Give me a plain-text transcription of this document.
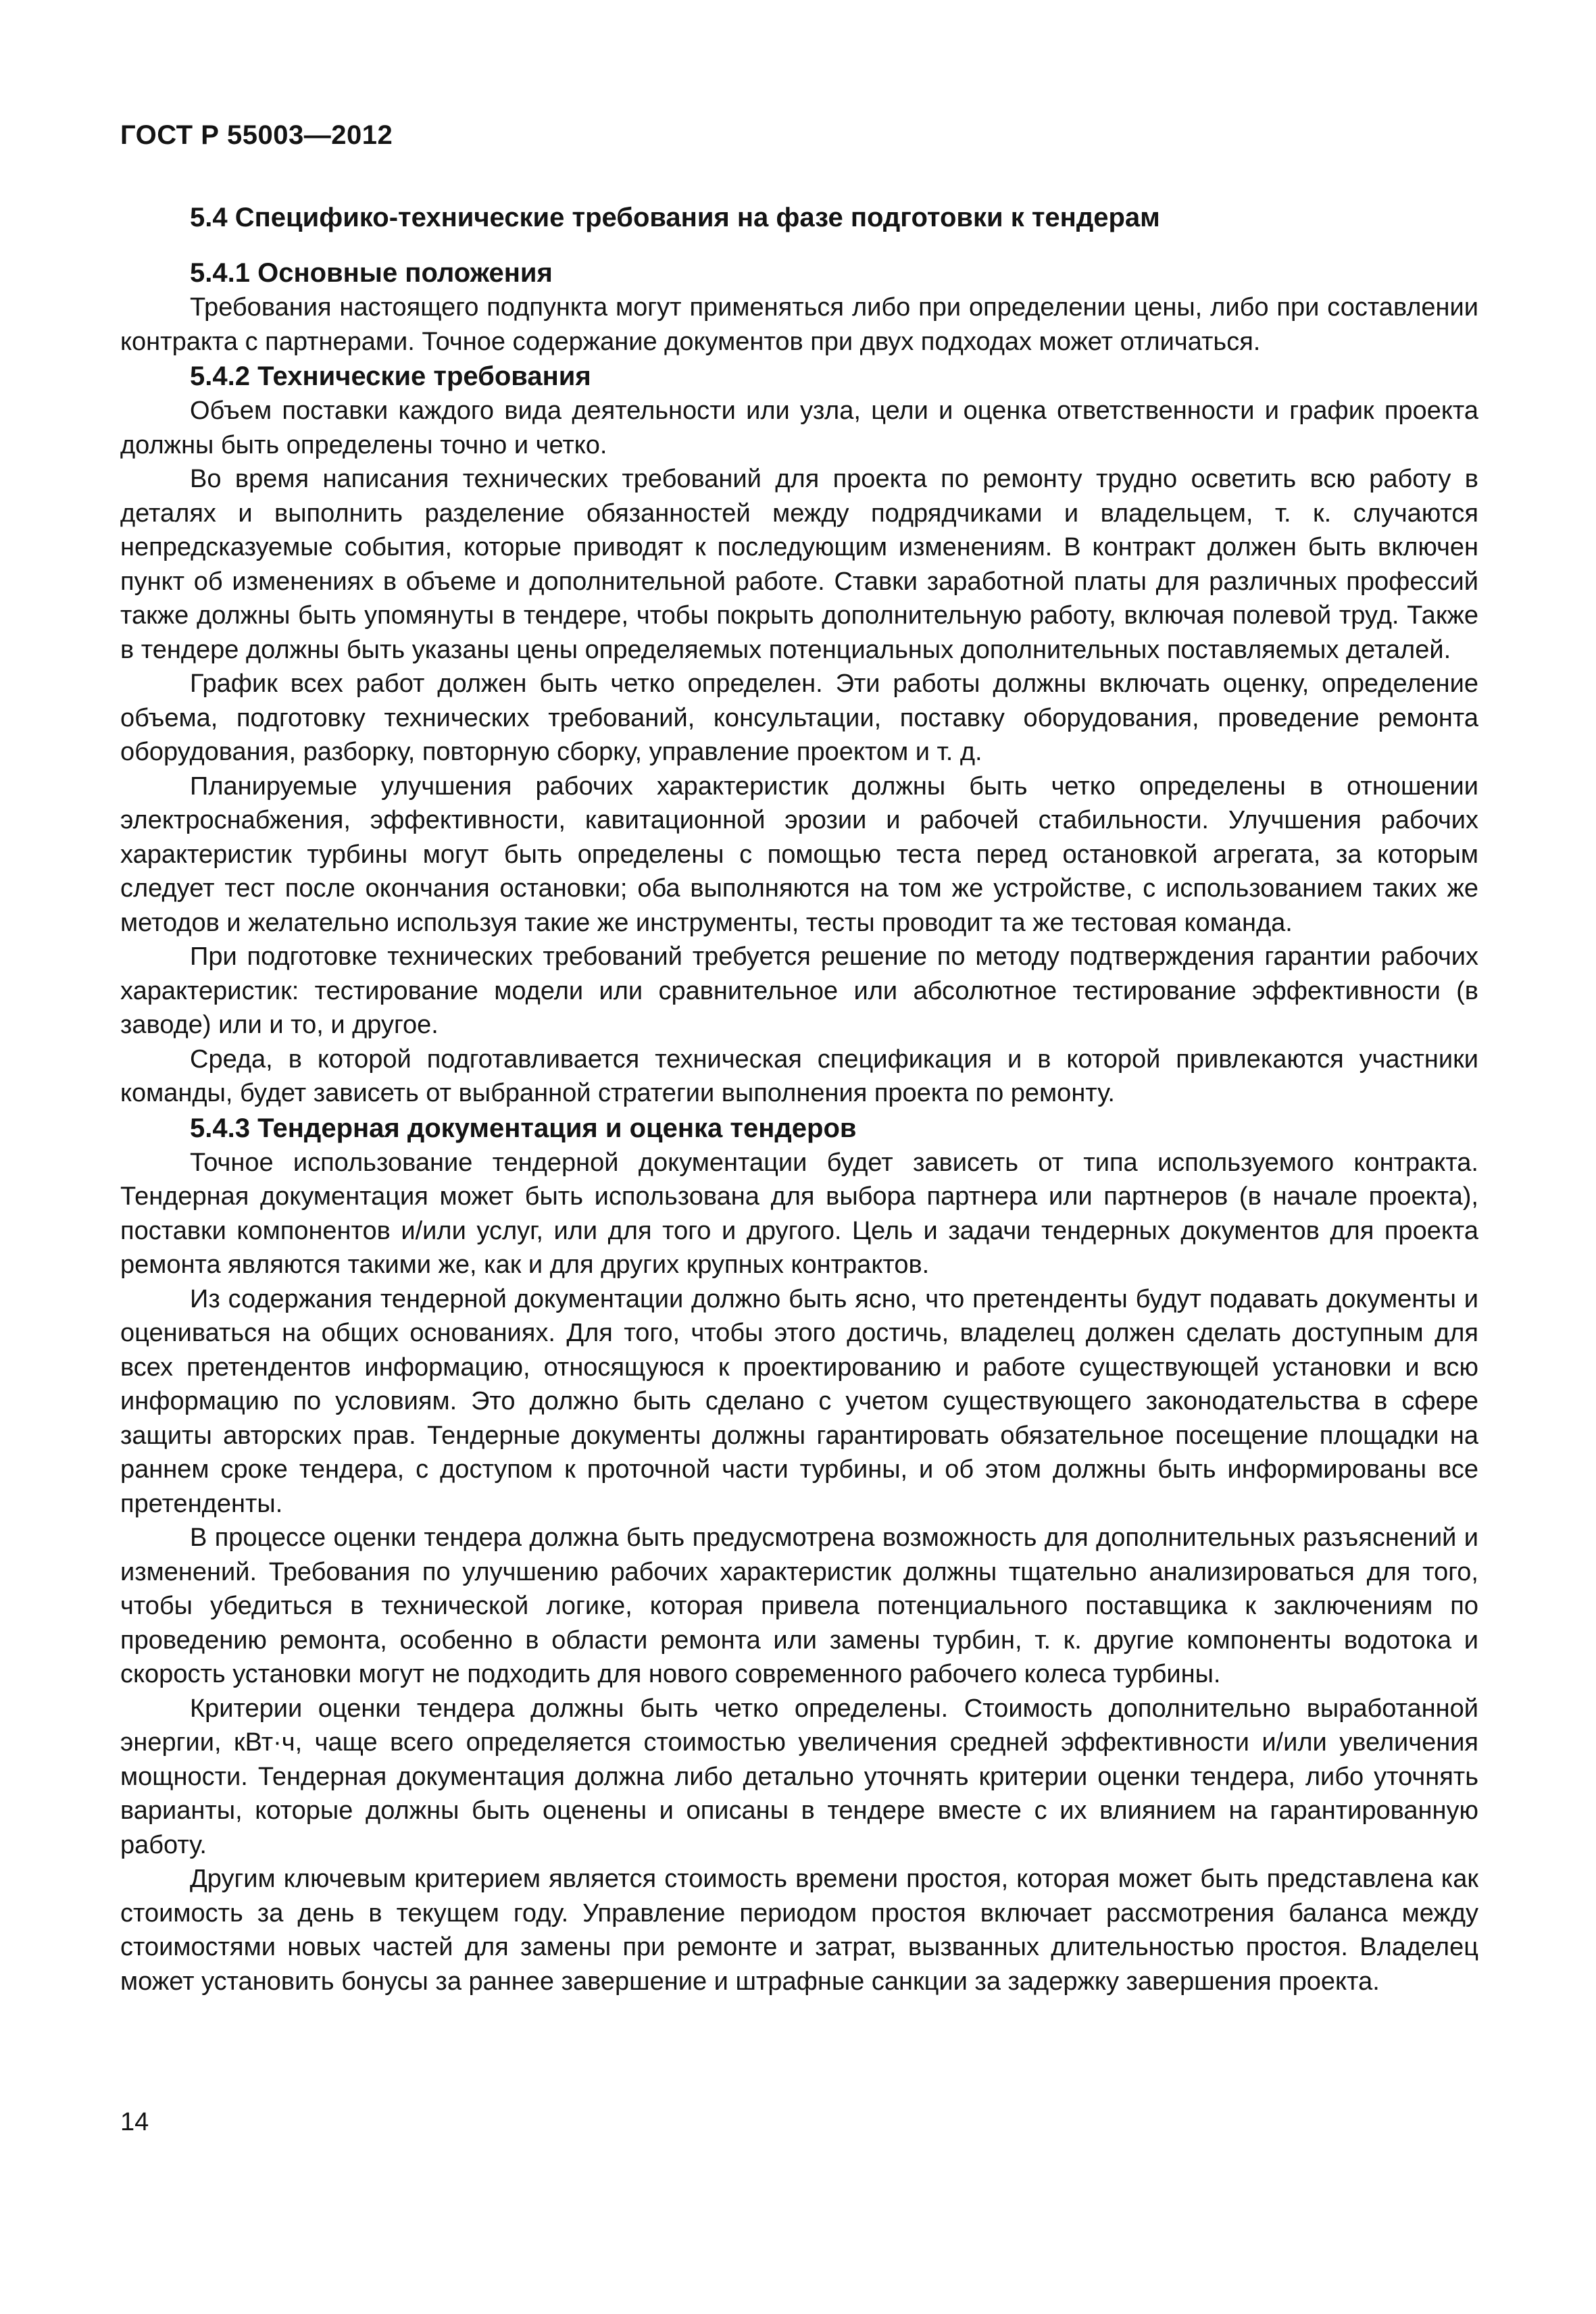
ГОСТ Р 55003—2012

5.4 Специфико-технические требования на фазе подготовки к тендерам

5.4.1 Основные положения

Требования настоящего подпункта могут применяться либо при определении цены, либо при составлении контракта с партнерами. Точное содержание документов при двух подходах может отличаться.

5.4.2 Технические требования

Объем поставки каждого вида деятельности или узла, цели и оценка ответственности и график проекта должны быть определены точно и четко.

Во время написания технических требований для проекта по ремонту трудно осветить всю работу в деталях и выполнить разделение обязанностей между подрядчиками и владельцем, т. к. случаются непредсказуемые события, которые приводят к последующим изменениям. В контракт должен быть включен пункт об изменениях в объеме и дополнительной работе. Ставки заработной платы для различных профессий также должны быть упомянуты в тендере, чтобы покрыть дополнительную работу, включая полевой труд. Также в тендере должны быть указаны цены определяемых потенциальных дополнительных поставляемых деталей.

График всех работ должен быть четко определен. Эти работы должны включать оценку, определение объема, подготовку технических требований, консультации, поставку оборудования, проведение ремонта оборудования, разборку, повторную сборку, управление проектом и т. д.

Планируемые улучшения рабочих характеристик должны быть четко определены в отношении электроснабжения, эффективности, кавитационной эрозии и рабочей стабильности. Улучшения рабочих характеристик турбины могут быть определены с помощью теста перед остановкой агрегата, за которым следует тест после окончания остановки; оба выполняются на том же устройстве, с использованием таких же методов и желательно используя такие же инструменты, тесты проводит та же тестовая команда.

При подготовке технических требований требуется решение по методу подтверждения гарантии рабочих характеристик: тестирование модели или сравнительное или абсолютное тестирование эффективности (в заводе) или и то, и другое.

Среда, в которой подготавливается техническая спецификация и в которой привлекаются участники команды, будет зависеть от выбранной стратегии выполнения проекта по ремонту.

5.4.3 Тендерная документация и оценка тендеров

Точное использование тендерной документации будет зависеть от типа используемого контракта. Тендерная документация может быть использована для выбора партнера или партнеров (в начале проекта), поставки компонентов и/или услуг, или для того и другого. Цель и задачи тендерных документов для проекта ремонта являются такими же, как и для других крупных контрактов.

Из содержания тендерной документации должно быть ясно, что претенденты будут подавать документы и оцениваться на общих основаниях. Для того, чтобы этого достичь, владелец должен сделать доступным для всех претендентов информацию, относящуюся к проектированию и работе существующей установки и всю информацию по условиям. Это должно быть сделано с учетом существующего законодательства в сфере защиты авторских прав. Тендерные документы должны гарантировать обязательное посещение площадки на раннем сроке тендера, с доступом к проточной части турбины, и об этом должны быть информированы все претенденты.

В процессе оценки тендера должна быть предусмотрена возможность для дополнительных разъяснений и изменений. Требования по улучшению рабочих характеристик должны тщательно анализироваться для того, чтобы убедиться в технической логике, которая привела потенциального поставщика к заключениям по проведению ремонта, особенно в области ремонта или замены турбин, т. к. другие компоненты водотока и скорость установки могут не подходить для нового современного рабочего колеса турбины.

Критерии оценки тендера должны быть четко определены. Стоимость дополнительно выработанной энергии, кВт·ч, чаще всего определяется стоимостью увеличения средней эффективности и/или увеличения мощности. Тендерная документация должна либо детально уточнять критерии оценки тендера, либо уточнять варианты, которые должны быть оценены и описаны в тендере вместе с их влиянием на гарантированную работу.

Другим ключевым критерием является стоимость времени простоя, которая может быть представлена как стоимость за день в текущем году. Управление периодом простоя включает рассмотрения баланса между стоимостями новых частей для замены при ремонте и затрат, вызванных длительностью простоя. Владелец может установить бонусы за раннее завершение и штрафные санкции за задержку завершения проекта.

14
